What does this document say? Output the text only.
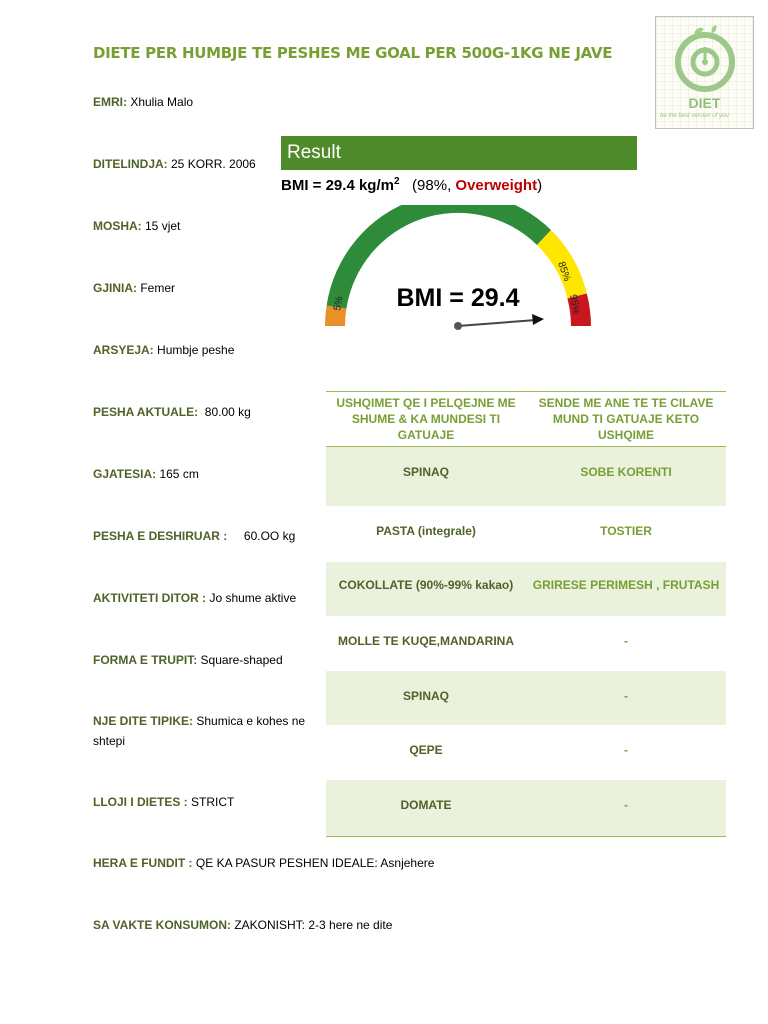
DIETE PER HUMBJE TE PESHES ME GOAL PER 500G-1KG NE JAVE
DIET
be the best version of you
EMRI: Xhulia Malo
DITELINDJA: 25 KORR. 2006
MOSHA: 15 vjet
GJINIA: Femer
ARSYEJA: Humbje peshe
PESHA AKTUALE:  80.00 kg
GJATESIA: 165 cm
PESHA E DESHIRUAR :     60.OO kg
AKTIVITETI DITOR : Jo shume aktive
FORMA E TRUPIT: Square-shaped
NJE DITE TIPIKE: Shumica e kohes ne shtepi
LLOJI I DIETES : STRICT
HERA E FUNDIT : QE KA PASUR PESHEN IDEALE: Asnjehere
SA VAKTE KONSUMON: ZAKONISHT: 2-3 here ne dite
Result
BMI = 29.4 $kg/m^2$ (98%, Overweight)
5%
85%
95%
BMI = 29.4
USHQIMET QE I PELQEJNE ME SHUME & KA MUNDESI TI GATUAJE	SENDE ME ANE TE TE CILAVE MUND TI GATUAJE KETO USHQIME
SPINAQ	SOBE KORENTI
PASTA (integrale)	TOSTIER
COKOLLATE (90%-99% kakao)	GRIRESE PERIMESH , FRUTASH
MOLLE TE KUQE,MANDARINA	-
SPINAQ	-
QEPE	-
DOMATE	-
